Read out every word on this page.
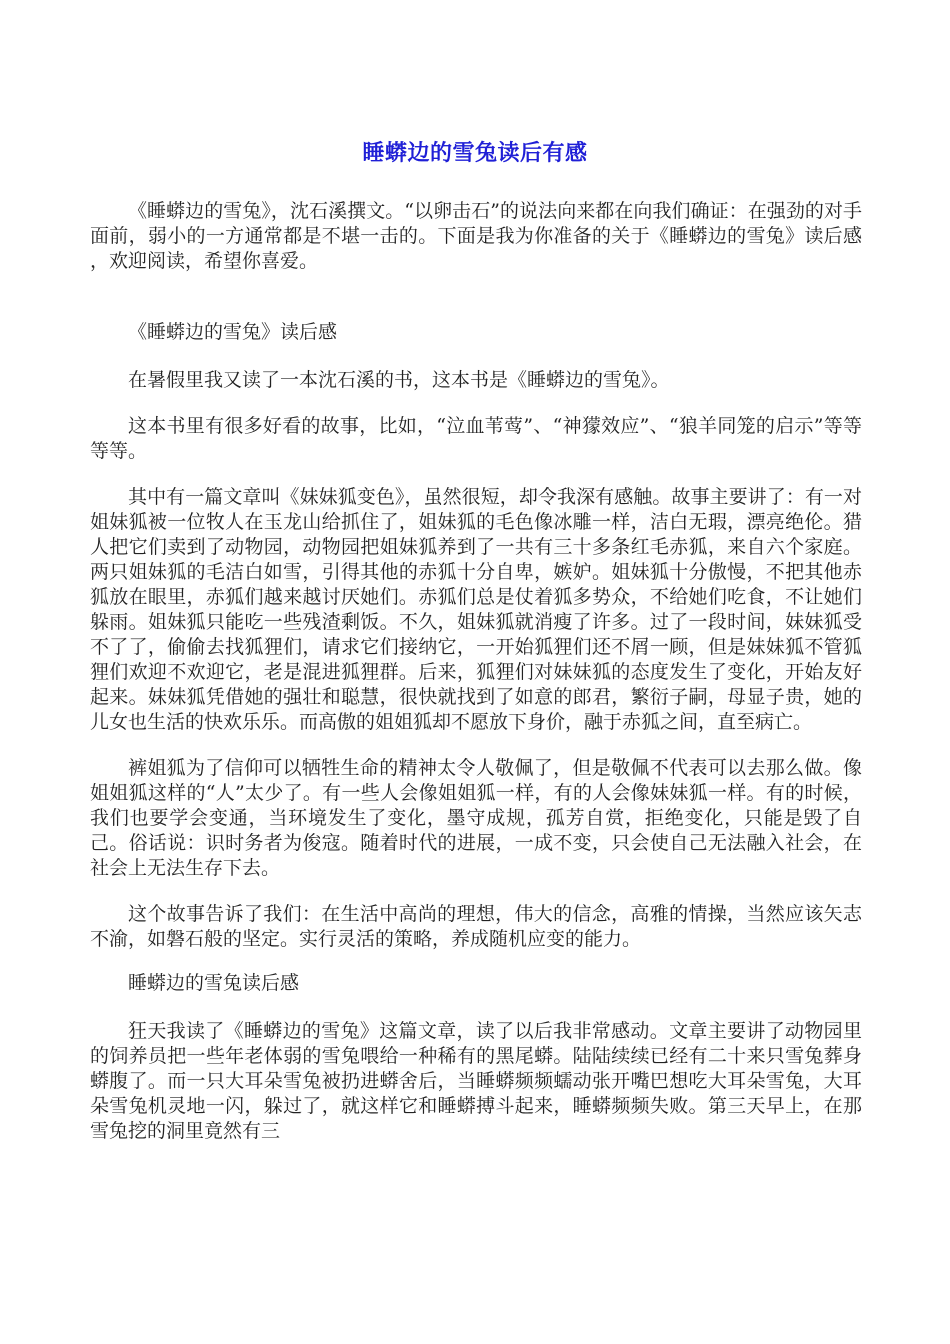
睡蟒边的雪兔读后有感

《睡蟒边的雪兔》，沈石溪撰文。“以卵击石”的说法向来都在向我们确证：在强劲的对手面前，弱小的一方通常都是不堪一击的。下面是我为你准备的关于《睡蟒边的雪兔》读后感 ，欢迎阅读，希望你喜爱。

《睡蟒边的雪兔》读后感

在暑假里我又读了一本沈石溪的书，这本书是《睡蟒边的雪兔》。

这本书里有很多好看的故事，比如，“泣血苇莺”、“神獴效应”、“狼羊同笼的启示”等等等等。

其中有一篇文章叫《妹妹狐变色》，虽然很短，却令我深有感触。故事主要讲了：有一对姐妹狐被一位牧人在玉龙山给抓住了，姐妹狐的毛色像冰雕一样，洁白无瑕，漂亮绝伦。猎人把它们卖到了动物园，动物园把姐妹狐养到了一共有三十多条红毛赤狐，来自六个家庭。两只姐妹狐的毛洁白如雪，引得其他的赤狐十分自卑，嫉妒。姐妹狐十分傲慢，不把其他赤狐放在眼里，赤狐们越来越讨厌她们。赤狐们总是仗着狐多势众，不给她们吃食，不让她们躲雨。姐妹狐只能吃一些残渣剩饭。不久，姐妹狐就消瘦了许多。过了一段时间，妹妹狐受不了了，偷偷去找狐狸们，请求它们接纳它，一开始狐狸们还不屑一顾，但是妹妹狐不管狐狸们欢迎不欢迎它，老是混进狐狸群。后来，狐狸们对妹妹狐的态度发生了变化，开始友好起来。妹妹狐凭借她的强壮和聪慧，很快就找到了如意的郎君，繁衍子嗣，母显子贵，她的儿女也生活的快欢乐乐。而高傲的姐姐狐却不愿放下身价，融于赤狐之间，直至病亡。

裤姐狐为了信仰可以牺牲生命的精神太令人敬佩了，但是敬佩不代表可以去那么做。像姐姐狐这样的“人”太少了。有一些人会像姐姐狐一样，有的人会像妹妹狐一样。有的时候，我们也要学会变通，当环境发生了变化，墨守成规，孤芳自赏，拒绝变化，只能是毁了自己。俗话说：识时务者为俊寇。随着时代的进展，一成不变，只会使自己无法融入社会，在社会上无法生存下去。

这个故事告诉了我们：在生活中高尚的理想，伟大的信念，高雅的情操，当然应该矢志不渝，如磐石般的坚定。实行灵活的策略，养成随机应变的能力。

睡蟒边的雪兔读后感

狂天我读了《睡蟒边的雪兔》这篇文章，读了以后我非常感动。文章主要讲了动物园里的饲养员把一些年老体弱的雪兔喂给一种稀有的黑尾蟒。陆陆续续已经有二十来只雪兔葬身蟒腹了。而一只大耳朵雪兔被扔进蟒舍后，当睡蟒频频蠕动张开嘴巴想吃大耳朵雪兔，大耳朵雪兔机灵地一闪，躲过了，就这样它和睡蟒搏斗起来，睡蟒频频失败。第三天早上，在那雪兔挖的洞里竟然有三
